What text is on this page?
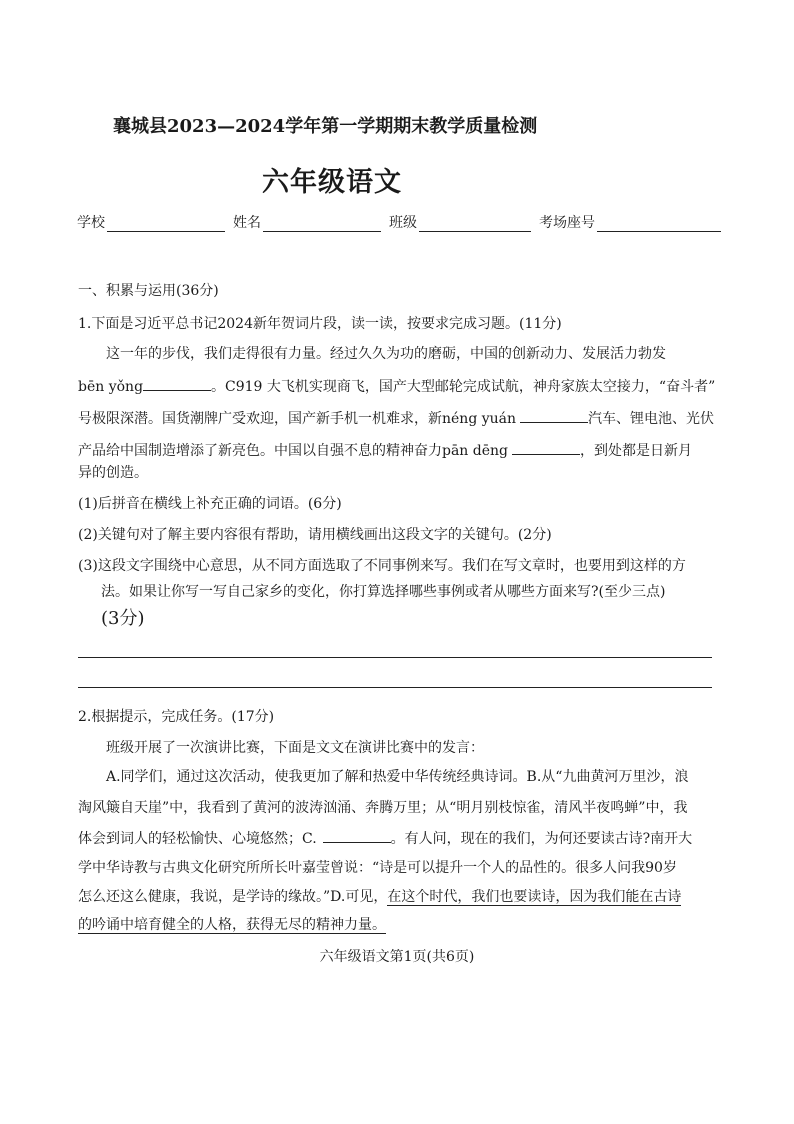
襄城县2023—2024学年第一学期期末教学质量检测
六年级语文
学校	姓名	班级	考场座号
一、积累与运用(36分)
1.下面是习近平总书记2024新年贺词片段，读一读，按要求完成习题。(11分)
这一年的步伐，我们走得很有力量。经过久久为功的磨砺，中国的创新动力、发展活力勃发
bēn yǒng	。C919 大飞机实现商飞，国产大型邮轮完成试航，神舟家族太空接力，“奋斗者”
号极限深潜。国货潮牌广受欢迎，国产新手机一机难求，新néng yuán	汽车、锂电池、光伏
产品给中国制造增添了新亮色。中国以自强不息的精神奋力pān dēng	，到处都是日新月
异的创造。
(1)后拼音在横线上补充正确的词语。(6分)
(2)关键句对了解主要内容很有帮助，请用横线画出这段文字的关键句。(2分)
(3)这段文字围绕中心意思，从不同方面选取了不同事例来写。我们在写文章时，也要用到这样的方
法。如果让你写一写自己家乡的变化，你打算选择哪些事例或者从哪些方面来写?(至少三点)
(3分)
2.根据提示，完成任务。(17分)
班级开展了一次演讲比赛，下面是文文在演讲比赛中的发言：
A.同学们，通过这次活动，使我更加了解和热爱中华传统经典诗词。B.从“九曲黄河万里沙，浪
淘风簸自天崖”中，我看到了黄河的波涛汹涌、奔腾万里；从“明月别枝惊雀，清风半夜鸣蝉”中，我
体会到词人的轻松愉快、心境悠然；C.	。有人问，现在的我们，为何还要读古诗?南开大
学中华诗教与古典文化研究所所长叶嘉莹曾说：“诗是可以提升一个人的品性的。很多人问我90岁
怎么还这么健康，我说，是学诗的缘故。”D.可见，在这个时代，我们也要读诗，因为我们能在古诗
的吟诵中培育健全的人格，获得无尽的精神力量。
六年级语文第1页(共6页)
